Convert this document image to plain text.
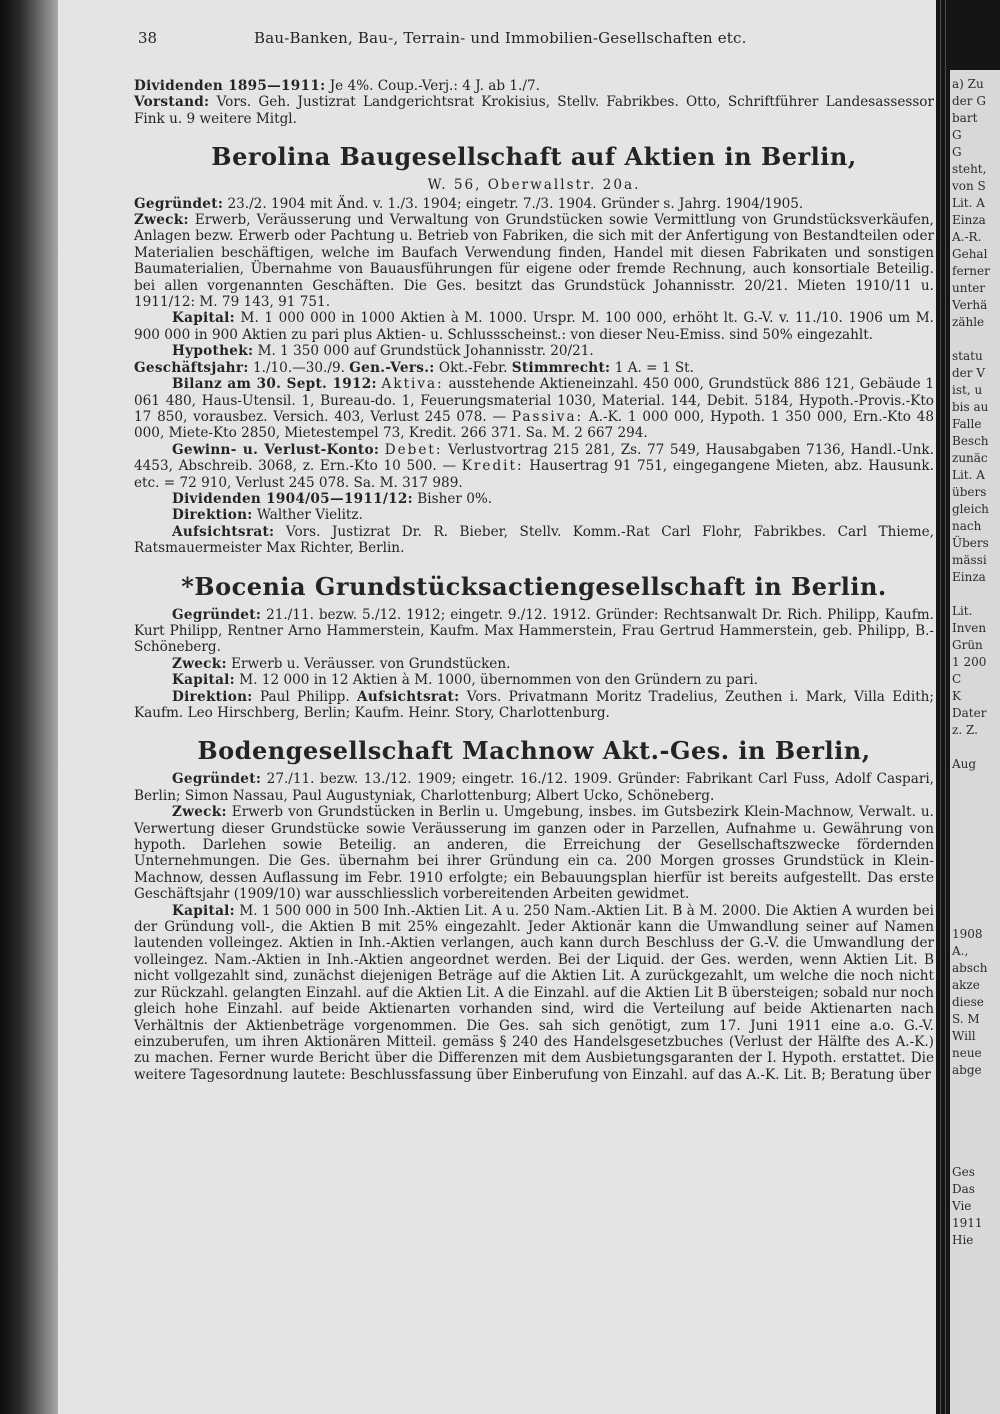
38	Bau-Banken, Bau-, Terrain- und Immobilien-Gesellschaften etc.

Dividenden 1895—1911: Je 4%. Coup.-Verj.: 4 J. ab 1./7.

Vorstand: Vors. Geh. Justizrat Landgerichtsrat Krokisius, Stellv. Fabrikbes. Otto, Schriftführer Landesassessor Fink u. 9 weitere Mitgl.

Berolina Baugesellschaft auf Aktien in Berlin,
W. 56, Oberwallstr. 20a.

Gegründet: 23./2. 1904 mit Änd. v. 1./3. 1904; eingetr. 7./3. 1904. Gründer s. Jahrg. 1904/1905.

Zweck: Erwerb, Veräusserung und Verwaltung von Grundstücken sowie Vermittlung von Grundstücksverkäufen, Anlagen bezw. Erwerb oder Pachtung u. Betrieb von Fabriken, die sich mit der Anfertigung von Bestandteilen oder Materialien beschäftigen, welche im Baufach Verwendung finden, Handel mit diesen Fabrikaten und sonstigen Baumaterialien, Übernahme von Bauausführungen für eigene oder fremde Rechnung, auch konsortiale Beteilig. bei allen vorgenannten Geschäften. Die Ges. besitzt das Grundstück Johannisstr. 20/21. Mieten 1910/11 u. 1911/12: M. 79 143, 91 751.

Kapital: M. 1 000 000 in 1000 Aktien à M. 1000. Urspr. M. 100 000, erhöht lt. G.-V. v. 11./10. 1906 um M. 900 000 in 900 Aktien zu pari plus Aktien- u. Schlussscheinst.: von dieser Neu-Emiss. sind 50% eingezahlt.

Hypothek: M. 1 350 000 auf Grundstück Johannisstr. 20/21.

Geschäftsjahr: 1./10.—30./9. Gen.-Vers.: Okt.-Febr. Stimmrecht: 1 A. = 1 St.

Bilanz am 30. Sept. 1912: Aktiva: ausstehende Aktieneinzahl. 450 000, Grundstück 886 121, Gebäude 1 061 480, Haus-Utensil. 1, Bureau-do. 1, Feuerungsmaterial 1030, Material. 144, Debit. 5184, Hypoth.-Provis.-Kto 17 850, vorausbez. Versich. 403, Verlust 245 078. — Passiva: A.-K. 1 000 000, Hypoth. 1 350 000, Ern.-Kto 48 000, Miete-Kto 2850, Mietestempel 73, Kredit. 266 371. Sa. M. 2 667 294.

Gewinn- u. Verlust-Konto: Debet: Verlustvortrag 215 281, Zs. 77 549, Hausabgaben 7136, Handl.-Unk. 4453, Abschreib. 3068, z. Ern.-Kto 10 500. — Kredit: Hausertrag 91 751, eingegangene Mieten, abz. Hausunk. etc. = 72 910, Verlust 245 078. Sa. M. 317 989.

Dividenden 1904/05—1911/12: Bisher 0%.

Direktion: Walther Vielitz.

Aufsichtsrat: Vors. Justizrat Dr. R. Bieber, Stellv. Komm.-Rat Carl Flohr, Fabrikbes. Carl Thieme, Ratsmauermeister Max Richter, Berlin.

*Bocenia Grundstücksactiengesellschaft in Berlin.

Gegründet: 21./11. bezw. 5./12. 1912; eingetr. 9./12. 1912. Gründer: Rechtsanwalt Dr. Rich. Philipp, Kaufm. Kurt Philipp, Rentner Arno Hammerstein, Kaufm. Max Hammerstein, Frau Gertrud Hammerstein, geb. Philipp, B.-Schöneberg.

Zweck: Erwerb u. Veräusser. von Grundstücken.

Kapital: M. 12 000 in 12 Aktien à M. 1000, übernommen von den Gründern zu pari.

Direktion: Paul Philipp. Aufsichtsrat: Vors. Privatmann Moritz Tradelius, Zeuthen i. Mark, Villa Edith; Kaufm. Leo Hirschberg, Berlin; Kaufm. Heinr. Story, Charlottenburg.

Bodengesellschaft Machnow Akt.-Ges. in Berlin,

Gegründet: 27./11. bezw. 13./12. 1909; eingetr. 16./12. 1909. Gründer: Fabrikant Carl Fuss, Adolf Caspari, Berlin; Simon Nassau, Paul Augustyniak, Charlottenburg; Albert Ucko, Schöneberg.

Zweck: Erwerb von Grundstücken in Berlin u. Umgebung, insbes. im Gutsbezirk Klein-Machnow, Verwalt. u. Verwertung dieser Grundstücke sowie Veräusserung im ganzen oder in Parzellen, Aufnahme u. Gewährung von hypoth. Darlehen sowie Beteilig. an anderen, die Erreichung der Gesellschaftszwecke fördernden Unternehmungen. Die Ges. übernahm bei ihrer Gründung ein ca. 200 Morgen grosses Grundstück in Klein-Machnow, dessen Auflassung im Febr. 1910 erfolgte; ein Bebauungsplan hierfür ist bereits aufgestellt. Das erste Geschäftsjahr (1909/10) war ausschliesslich vorbereitenden Arbeiten gewidmet.

Kapital: M. 1 500 000 in 500 Inh.-Aktien Lit. A u. 250 Nam.-Aktien Lit. B à M. 2000. Die Aktien A wurden bei der Gründung voll-, die Aktien B mit 25% eingezahlt. Jeder Aktionär kann die Umwandlung seiner auf Namen lautenden volleingez. Aktien in Inh.-Aktien verlangen, auch kann durch Beschluss der G.-V. die Umwandlung der volleingez. Nam.-Aktien in Inh.-Aktien angeordnet werden. Bei der Liquid. der Ges. werden, wenn Aktien Lit. B nicht vollgezahlt sind, zunächst diejenigen Beträge auf die Aktien Lit. A zurückgezahlt, um welche die noch nicht zur Rückzahl. gelangten Einzahl. auf die Aktien Lit. A die Einzahl. auf die Aktien Lit B übersteigen; sobald nur noch gleich hohe Einzahl. auf beide Aktienarten vorhanden sind, wird die Verteilung auf beide Aktienarten nach Verhältnis der Aktienbeträge vorgenommen. Die Ges. sah sich genötigt, zum 17. Juni 1911 eine a.o. G.-V. einzuberufen, um ihren Aktionären Mitteil. gemäss § 240 des Handelsgesetzbuches (Verlust der Hälfte des A.-K.) zu machen. Ferner wurde Bericht über die Differenzen mit dem Ausbietungsgaranten der I. Hypoth. erstattet. Die weitere Tagesordnung lautete: Beschlussfassung über Einberufung von Einzahl. auf das A.-K. Lit. B; Beratung über

a) Zu
der G
bart
G
G
steht,
von S
Lit. A
Einza
A.-R.
Gehal
ferner
unter
Verhä
zähle
statu
der V
ist, u
bis au
Falle
Besch
zunäc
Lit. A
übers
gleich
nach
Übers
mässi
Einza
Lit.
Inven
Grün
1 200
C
K
Dater
z. Z.
Aug
1908
A.,
absch
akze
diese
S. M
Will
neue
abge
Ges
Das
Vie
1911
Hie
